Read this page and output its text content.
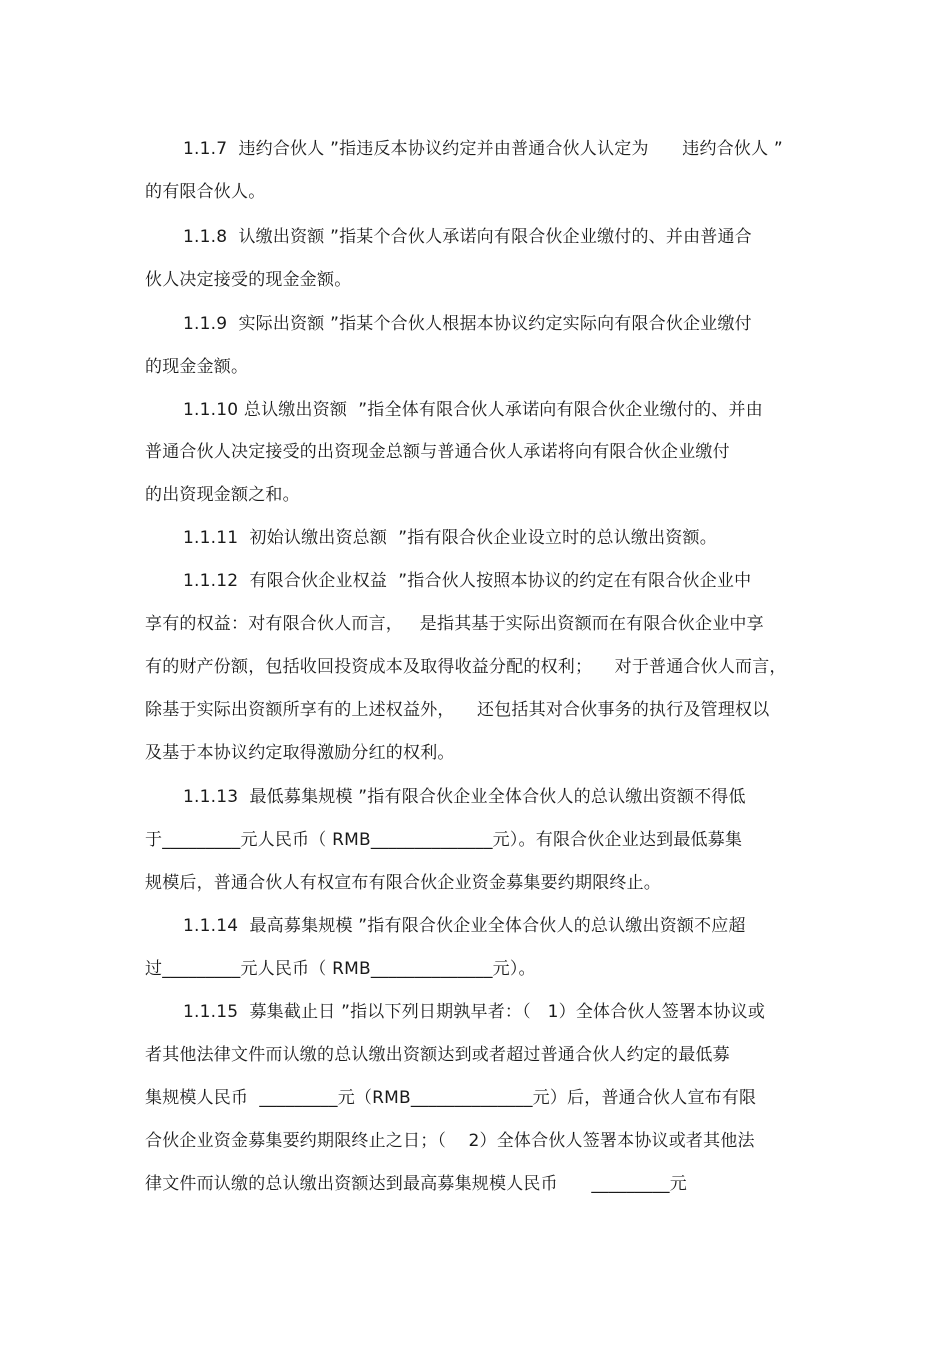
1.1.7  违约合伙人 ”指违反本协议约定并由普通合伙人认定为      违约合伙人 ”
的有限合伙人。
1.1.8  认缴出资额 ”指某个合伙人承诺向有限合伙企业缴付的、并由普通合
伙人决定接受的现金金额。
1.1.9  实际出资额 ”指某个合伙人根据本协议约定实际向有限合伙企业缴付
的现金金额。
1.1.10 总认缴出资额  ”指全体有限合伙人承诺向有限合伙企业缴付的、并由
普通合伙人决定接受的出资现金总额与普通合伙人承诺将向有限合伙企业缴付
的出资现金额之和。
1.1.11  初始认缴出资总额  ”指有限合伙企业设立时的总认缴出资额。
1.1.12  有限合伙企业权益  ”指合伙人按照本协议的约定在有限合伙企业中
享有的权益：对有限合伙人而言，   是指其基于实际出资额而在有限合伙企业中享
有的财产份额，包括收回投资成本及取得收益分配的权利；    对于普通合伙人而言，
除基于实际出资额所享有的上述权益外，    还包括其对合伙事务的执行及管理权以
及基于本协议约定取得激励分红的权利。
1.1.13  最低募集规模 ”指有限合伙企业全体合伙人的总认缴出资额不得低
于_________元人民币（ RMB______________元）。有限合伙企业达到最低募集
规模后，普通合伙人有权宣布有限合伙企业资金募集要约期限终止。
1.1.14  最高募集规模 ”指有限合伙企业全体合伙人的总认缴出资额不应超
过_________元人民币（ RMB______________元）。
1.1.15  募集截止日 ”指以下列日期孰早者：（   1）全体合伙人签署本协议或
者其他法律文件而认缴的总认缴出资额达到或者超过普通合伙人约定的最低募
集规模人民币  _________元（RMB______________元）后，普通合伙人宣布有限
合伙企业资金募集要约期限终止之日；（    2）全体合伙人签署本协议或者其他法
律文件而认缴的总认缴出资额达到最高募集规模人民币      _________元
